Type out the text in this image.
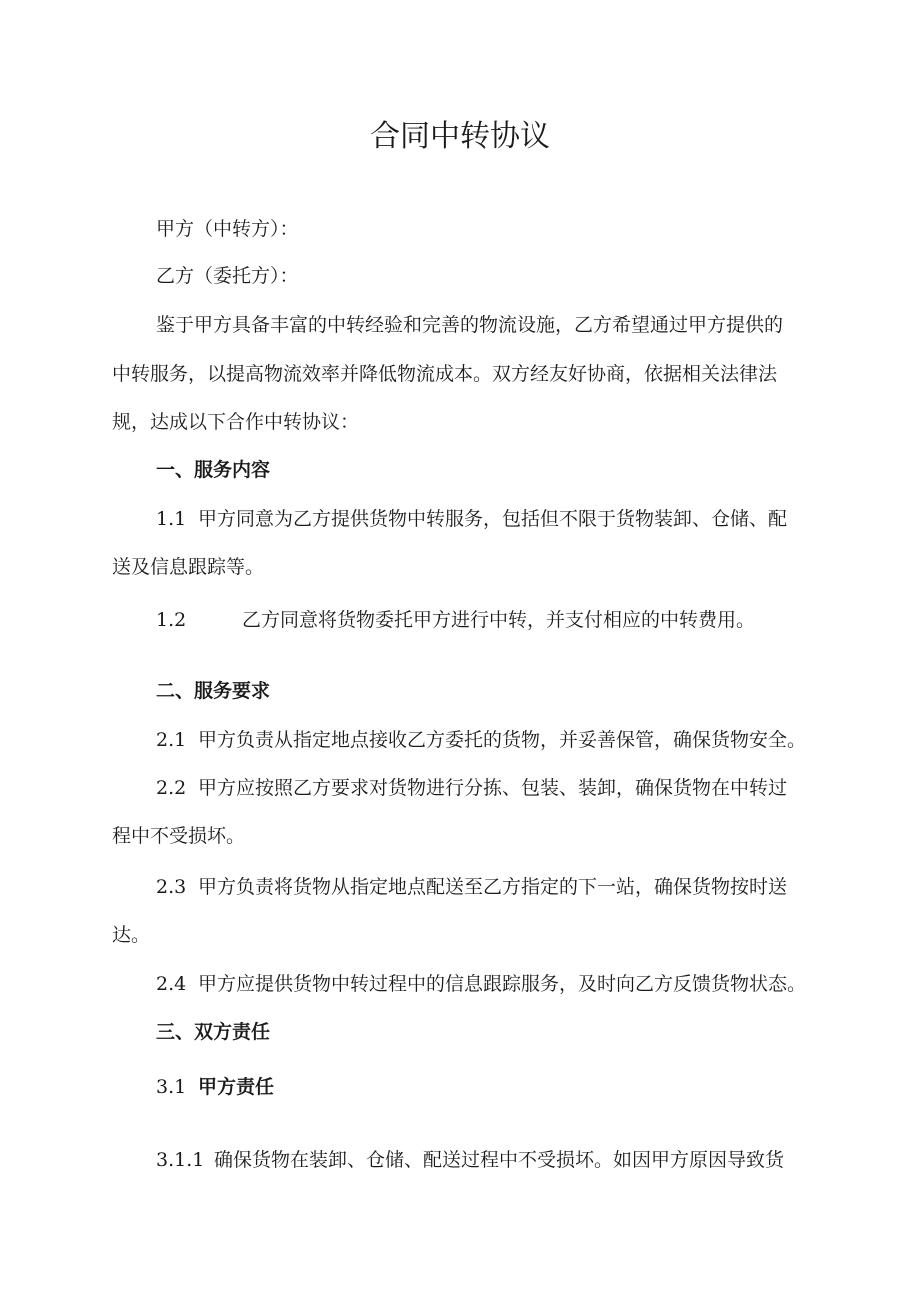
合同中转协议

甲方（中转方）：

乙方（委托方）：

鉴于甲方具备丰富的中转经验和完善的物流设施，乙方希望通过甲方提供的

中转服务，以提高物流效率并降低物流成本。双方经友好协商，依据相关法律法

规，达成以下合作中转协议：

一、服务内容

1.1 甲方同意为乙方提供货物中转服务，包括但不限于货物装卸、仓储、配

送及信息跟踪等。

1.2	乙方同意将货物委托甲方进行中转，并支付相应的中转费用。

二、服务要求

2.1 甲方负责从指定地点接收乙方委托的货物，并妥善保管，确保货物安全。

2.2 甲方应按照乙方要求对货物进行分拣、包装、装卸，确保货物在中转过

程中不受损坏。

2.3 甲方负责将货物从指定地点配送至乙方指定的下一站，确保货物按时送

达。

2.4 甲方应提供货物中转过程中的信息跟踪服务，及时向乙方反馈货物状态。

三、双方责任

3.1 甲方责任

3.1.1 确保货物在装卸、仓储、配送过程中不受损坏。如因甲方原因导致货
